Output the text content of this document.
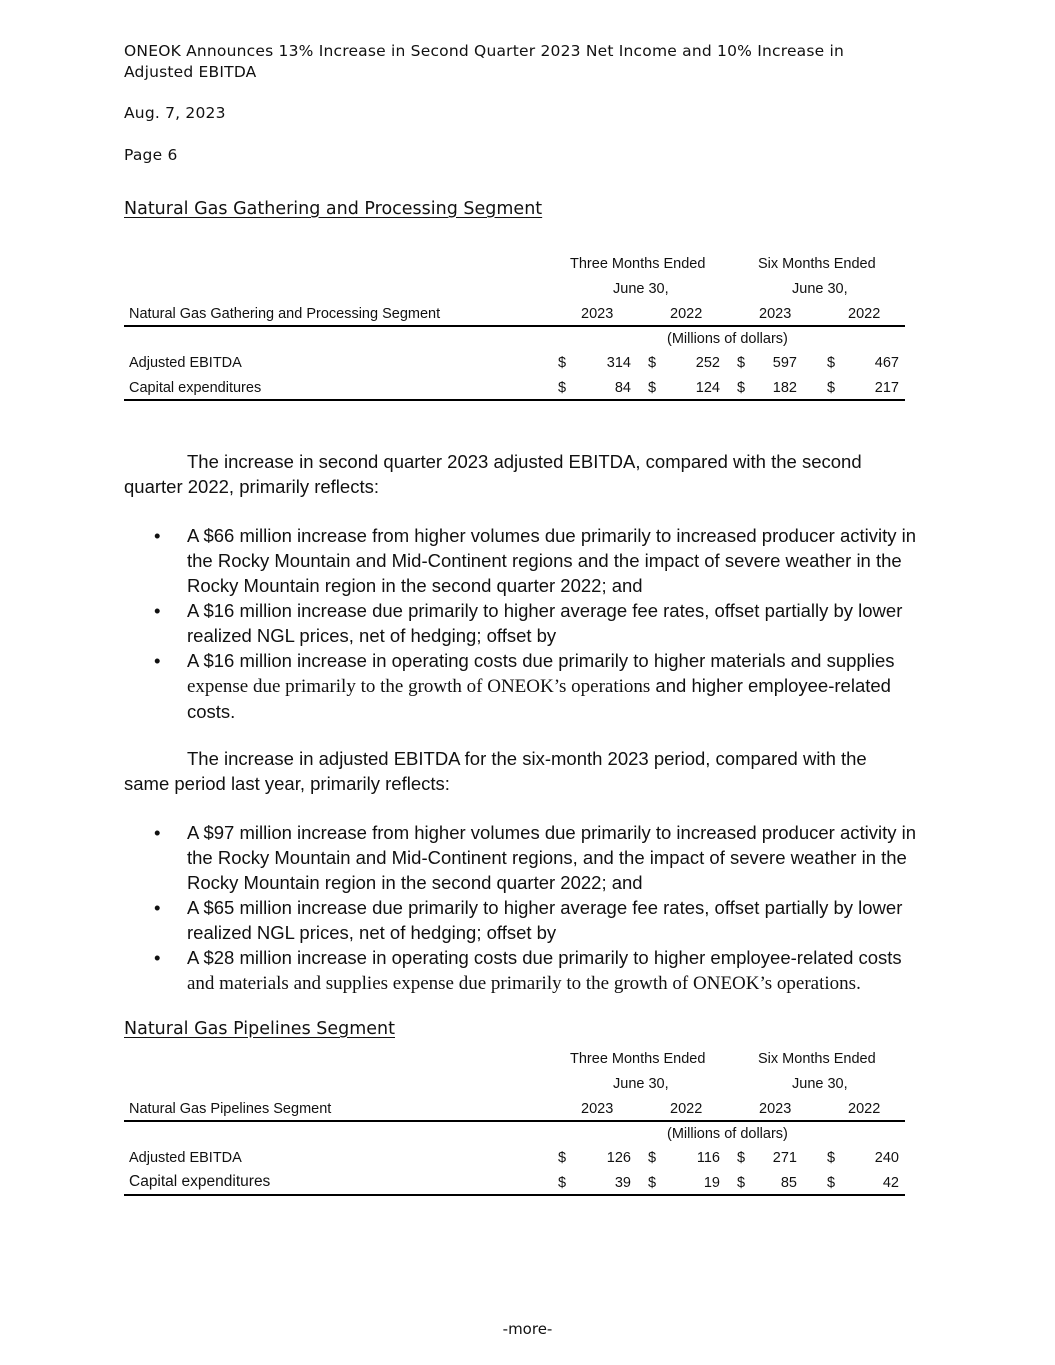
ONEOK Announces 13% Increase in Second Quarter 2023 Net Income and 10% Increase in Adjusted EBITDA
Aug. 7, 2023
Page 6
Natural Gas Gathering and Processing Segment
Three Months Ended	Six Months Ended
June 30,	June 30,
Natural Gas Gathering and Processing Segment	2023	2022	2023	2022
(Millions of dollars)
Adjusted EBITDA	$	314 $	252 $ 597 $	467
Capital expenditures	$	84 $	124 $ 182 $	217
The increase in second quarter 2023 adjusted EBITDA, compared with the second quarter 2022, primarily reflects:
• A $66 million increase from higher volumes due primarily to increased producer activity in the Rocky Mountain and Mid-Continent regions and the impact of severe weather in the Rocky Mountain region in the second quarter 2022; and
• A $16 million increase due primarily to higher average fee rates, offset partially by lower realized NGL prices, net of hedging; offset by
• A $16 million increase in operating costs due primarily to higher materials and supplies
expense due primarily to the growth of ONEOK’s operations and higher employee-related costs.
The increase in adjusted EBITDA for the six-month 2023 period, compared with the same period last year, primarily reflects:
• A $97 million increase from higher volumes due primarily to increased producer activity in the Rocky Mountain and Mid-Continent regions, and the impact of severe weather in the Rocky Mountain region in the second quarter 2022; and
• A $65 million increase due primarily to higher average fee rates, offset partially by lower realized NGL prices, net of hedging; offset by
• A $28 million increase in operating costs due primarily to higher employee-related costs
and materials and supplies expense due primarily to the growth of ONEOK’s operations.
Natural Gas Pipelines Segment
Three Months Ended	Six Months Ended
June 30,	June 30,
Natural Gas Pipelines Segment	2023	2022	2023	2022
(Millions of dollars)
Adjusted EBITDA	$	126 $	116 $ 271 $	240
Capital expenditures	$	39 $	19 $ 85 $	42
-more-
